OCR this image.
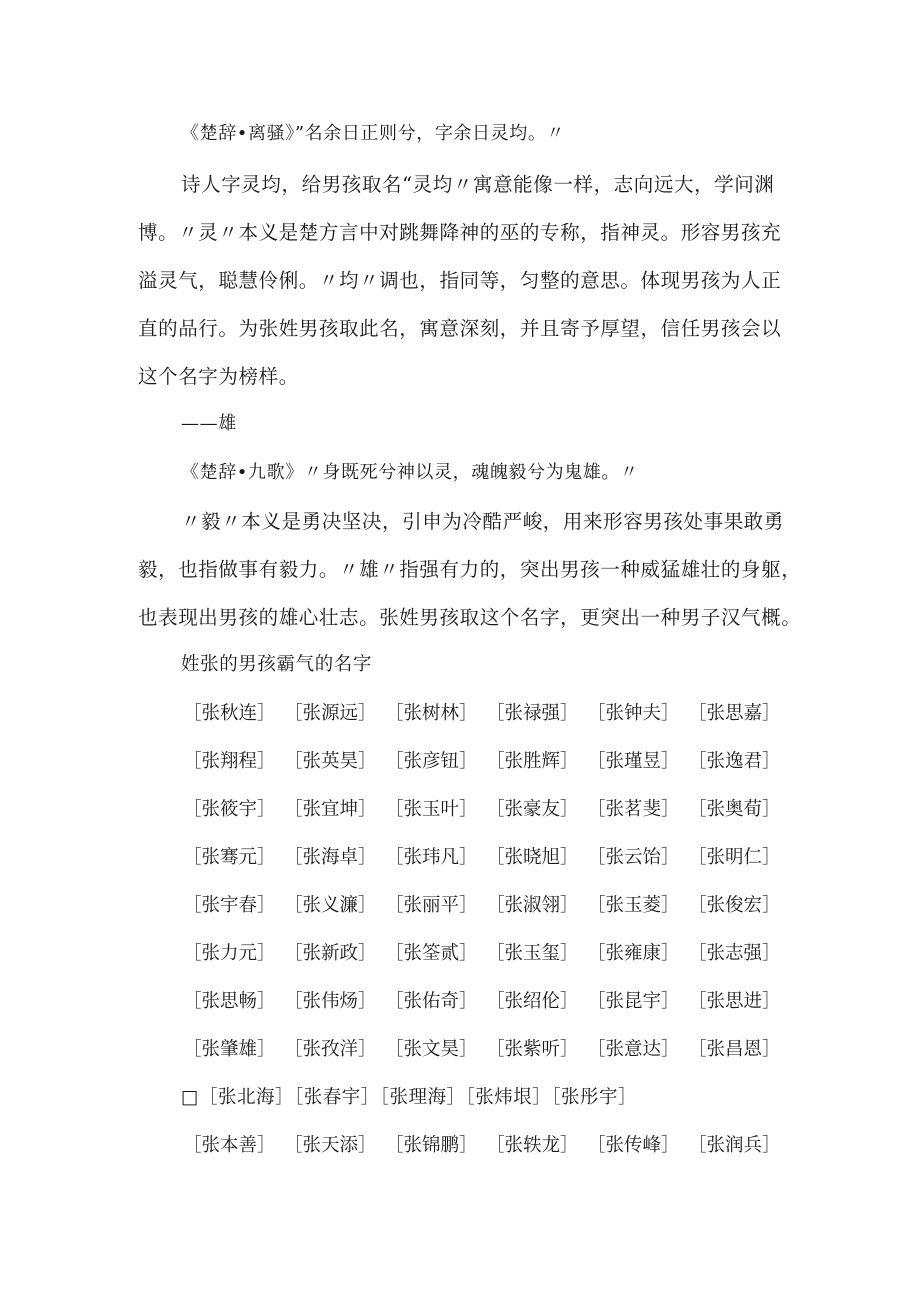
《楚辞•离骚》”名余日正则兮，字余日灵均。〃
诗人字灵均，给男孩取名“灵均〃寓意能像一样，志向远大，学问渊
博。〃灵〃本义是楚方言中对跳舞降神的巫的专称，指神灵。形容男孩充
溢灵气，聪慧伶俐。〃均〃调也，指同等，匀整的意思。体现男孩为人正
直的品行。为张姓男孩取此名，寓意深刻，并且寄予厚望，信任男孩会以
这个名字为榜样。
——雄
《楚辞•九歌》〃身既死兮神以灵，魂魄毅兮为鬼雄。〃
〃毅〃本义是勇决坚决，引申为冷酷严峻，用来形容男孩处事果敢勇
毅，也指做事有毅力。〃雄〃指强有力的，突出男孩一种威猛雄壮的身躯，
也表现出男孩的雄心壮志。张姓男孩取这个名字，更突出一种男子汉气概。
姓张的男孩霸气的名字
［张秋连］ ［张源远］ ［张树林］ ［张禄强］ ［张钟夫］ ［张思嘉］
［张翔程］ ［张英昊］ ［张彦钮］ ［张胜辉］ ［张瑾昱］ ［张逸君］
［张筱宇］ ［张宜坤］ ［张玉叶］ ［张豪友］ ［张茗斐］ ［张奥荀］
［张骞元］ ［张海卓］ ［张玮凡］ ［张晓旭］ ［张云饴］ ［张明仁］
［张宇春］ ［张义濂］ ［张丽平］ ［张淑翎］ ［张玉菱］ ［张俊宏］
［张力元］ ［张新政］ ［张筌贰］ ［张玉玺］ ［张雍康］ ［张志强］
［张思畅］ ［张伟炀］ ［张佑奇］ ［张绍伦］ ［张昆宇］ ［张思进］
［张肇雄］ ［张孜洋］ ［张文昊］ ［张紫听］ ［张意达］ ［张昌恩］
□［张北海］［张春宇］［张理海］［张炜垠］［张彤宇］
［张本善］ ［张天添］ ［张锦鹏］ ［张轶龙］ ［张传峰］ ［张润兵］
